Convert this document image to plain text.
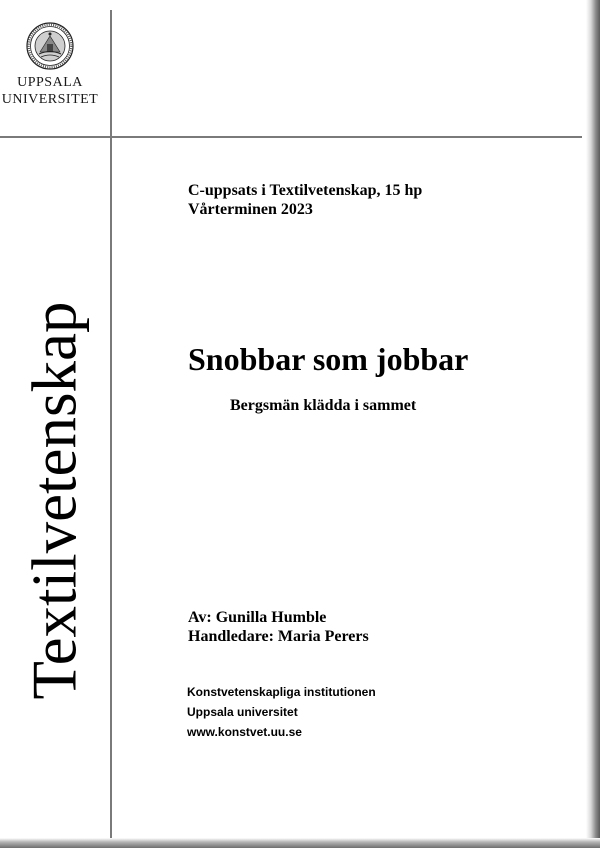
UPPSALA
UNIVERSITET
Textilvetenskap
C-uppsats i Textilvetenskap, 15 hp
Vårterminen 2023
Snobbar som jobbar
Bergsmän klädda i sammet
Av: Gunilla Humble
Handledare: Maria Perers
Konstvetenskapliga institutionen
Uppsala universitet
www.konstvet.uu.se
